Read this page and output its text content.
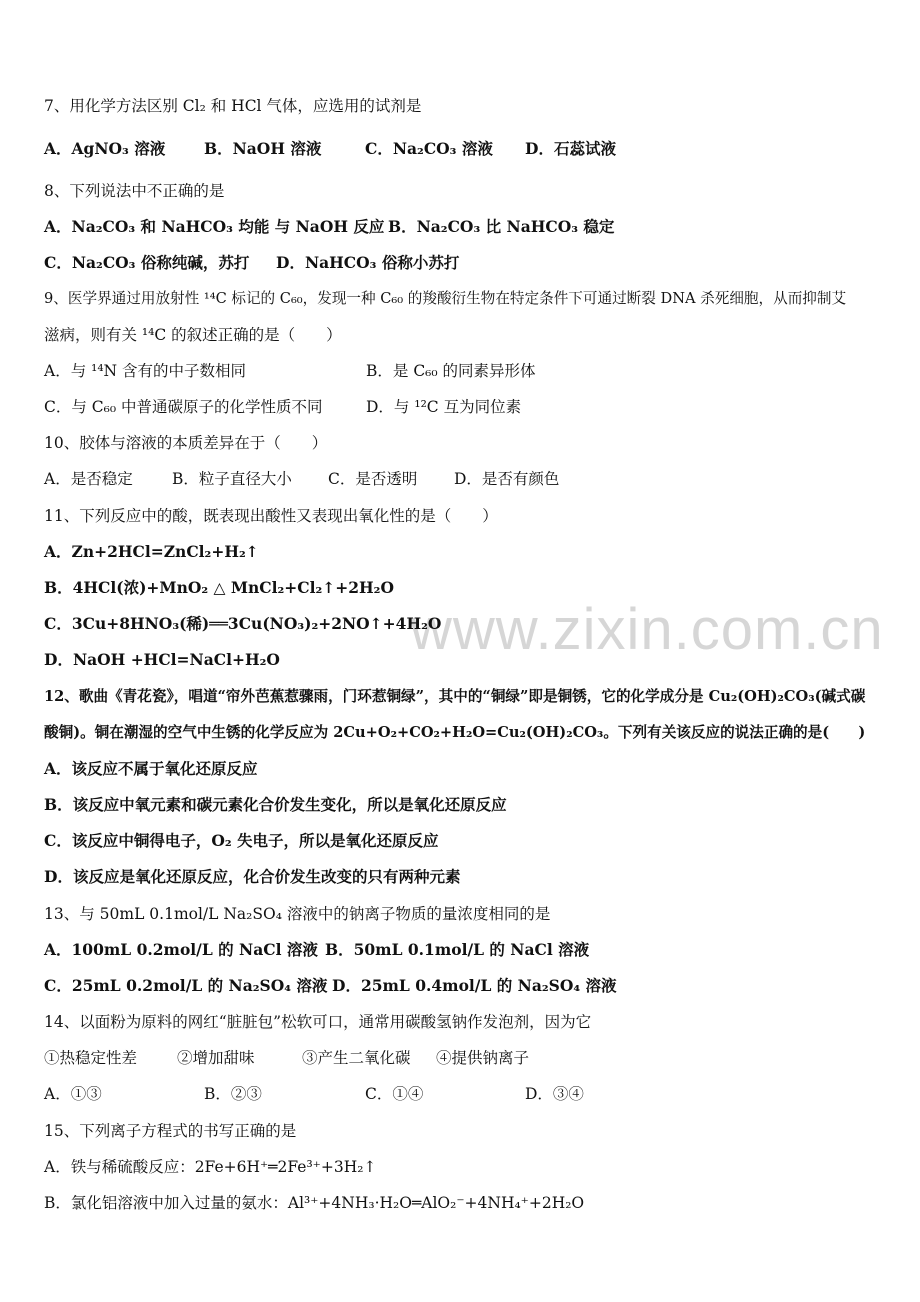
www.zixin.com.cn
7、用化学方法区别 Cl₂ 和 HCl 气体，应选用的试剂是
A．AgNO₃ 溶液	B．NaOH 溶液	C．Na₂CO₃ 溶液 D．石蕊试液
8、下列说法中不正确的是
A．Na₂CO₃ 和 NaHCO₃ 均能 与 NaOH 反应 B．Na₂CO₃ 比 NaHCO₃ 稳定
C．Na₂CO₃ 俗称纯碱，苏打 D．NaHCO₃ 俗称小苏打
9、医学界通过用放射性 ¹⁴C 标记的 C₆₀，发现一种 C₆₀ 的羧酸衍生物在特定条件下可通过断裂 DNA 杀死细胞，从而抑制艾
滋病，则有关 ¹⁴C 的叙述正确的是（　　）
A．与 ¹⁴N 含有的中子数相同	B．是 C₆₀ 的同素异形体
C．与 C₆₀ 中普通碳原子的化学性质不同	D．与 ¹²C 互为同位素
10、胶体与溶液的本质差异在于（　　）
A．是否稳定	B．粒子直径大小 C．是否透明 D．是否有颜色
11、下列反应中的酸，既表现出酸性又表现出氧化性的是（　　）
A．Zn+2HCl=ZnCl₂+H₂↑
B．4HCl(浓)+MnO₂ △ MnCl₂+Cl₂↑+2H₂O
C．3Cu+8HNO₃(稀)══3Cu(NO₃)₂+2NO↑+4H₂O
D．NaOH +HCl=NaCl+H₂O
12、歌曲《青花瓷》，唱道“帘外芭蕉惹骤雨，门环惹铜绿”，其中的“铜绿”即是铜锈，它的化学成分是 Cu₂(OH)₂CO₃(碱式碳
酸铜)。铜在潮湿的空气中生锈的化学反应为 2Cu+O₂+CO₂+H₂O=Cu₂(OH)₂CO₃。下列有关该反应的说法正确的是(　　)
A．该反应不属于氧化还原反应
B．该反应中氧元素和碳元素化合价发生变化，所以是氧化还原反应
C．该反应中铜得电子，O₂ 失电子，所以是氧化还原反应
D．该反应是氧化还原反应，化合价发生改变的只有两种元素
13、与 50mL 0.1mol/L Na₂SO₄ 溶液中的钠离子物质的量浓度相同的是
A．100mL 0.2mol/L 的 NaCl 溶液 B．50mL 0.1mol/L 的 NaCl 溶液
C．25mL 0.2mol/L 的 Na₂SO₄ 溶液 D．25mL 0.4mol/L 的 Na₂SO₄ 溶液
14、以面粉为原料的网红“脏脏包”松软可口，通常用碳酸氢钠作发泡剂，因为它
①热稳定性差	②增加甜味	③产生二氧化碳 ④提供钠离子
A．①③	B．②③	C．①④	D．③④
15、下列离子方程式的书写正确的是
A．铁与稀硫酸反应：2Fe+6H⁺═2Fe³⁺+3H₂↑
B．氯化铝溶液中加入过量的氨水：Al³⁺+4NH₃·H₂O═AlO₂⁻+4NH₄⁺+2H₂O
